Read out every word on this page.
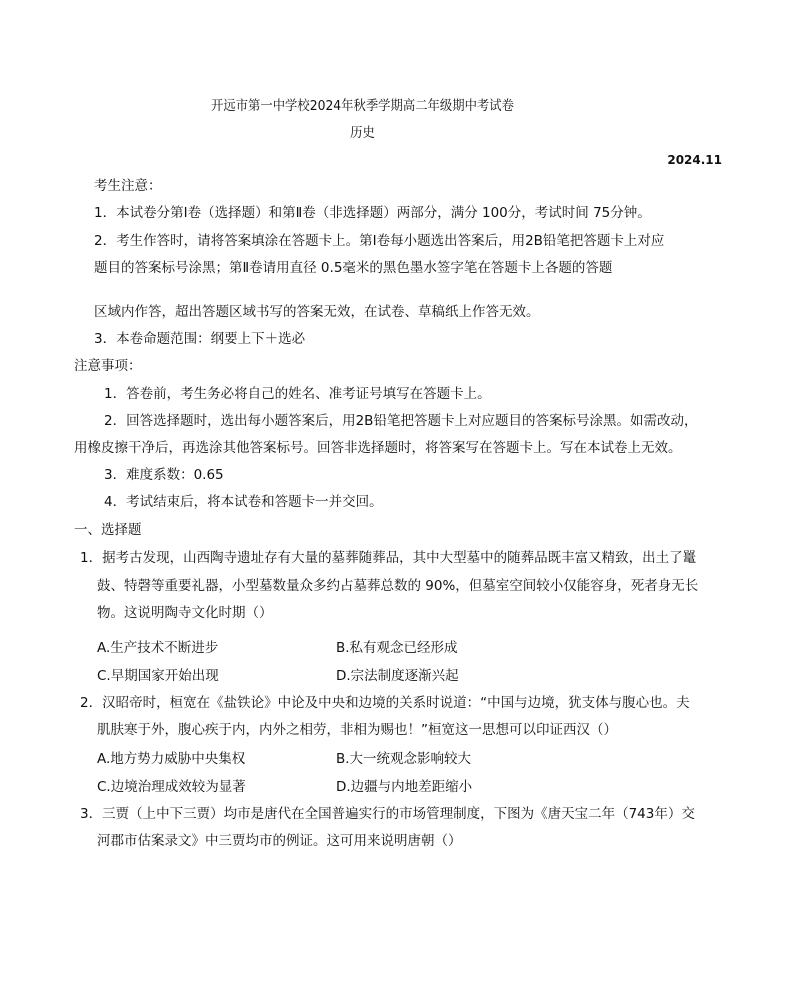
开远市第一中学校2024年秋季学期高二年级期中考试卷
历史
2024.11
考生注意：
1．本试卷分第Ⅰ卷（选择题）和第Ⅱ卷（非选择题）两部分，满分 100分，考试时间 75分钟。
2．考生作答时，请将答案填涂在答题卡上。第Ⅰ卷每小题选出答案后，用2B铅笔把答题卡上对应
题目的答案标号涂黑；第Ⅱ卷请用直径 0.5毫米的黑色墨水签字笔在答题卡上各题的答题
区域内作答，超出答题区域书写的答案无效，在试卷、草稿纸上作答无效。
3．本卷命题范围：纲要上下＋选必
注意事项：
1．答卷前，考生务必将自己的姓名、准考证号填写在答题卡上。
2．回答选择题时，选出每小题答案后，用2B铅笔把答题卡上对应题目的答案标号涂黑。如需改动，
用橡皮擦干净后，再选涂其他答案标号。回答非选择题时，将答案写在答题卡上。写在本试卷上无效。
3．难度系数：0.65
4．考试结束后，将本试卷和答题卡一并交回。
一、选择题
1．据考古发现，山西陶寺遗址存有大量的墓葬随葬品，其中大型墓中的随葬品既丰富又精致，出土了鼍
鼓、特磬等重要礼器，小型墓数量众多约占墓葬总数的 90%，但墓室空间较小仅能容身，死者身无长
物。这说明陶寺文化时期（）
A.生产技术不断进步	B.私有观念已经形成
C.早期国家开始出现	D.宗法制度逐渐兴起
2．汉昭帝时，桓宽在《盐铁论》中论及中央和边境的关系时说道：“中国与边境，犹支体与腹心也。夫
肌肤寒于外，腹心疾于内，内外之相劳，非相为赐也！”桓宽这一思想可以印证西汉（）
A.地方势力威胁中央集权	B.大一统观念影响较大
C.边境治理成效较为显著	D.边疆与内地差距缩小
3．三贾（上中下三贾）均市是唐代在全国普遍实行的市场管理制度，下图为《唐天宝二年（743年）交
河郡市估案录文》中三贾均市的例证。这可用来说明唐朝（）
